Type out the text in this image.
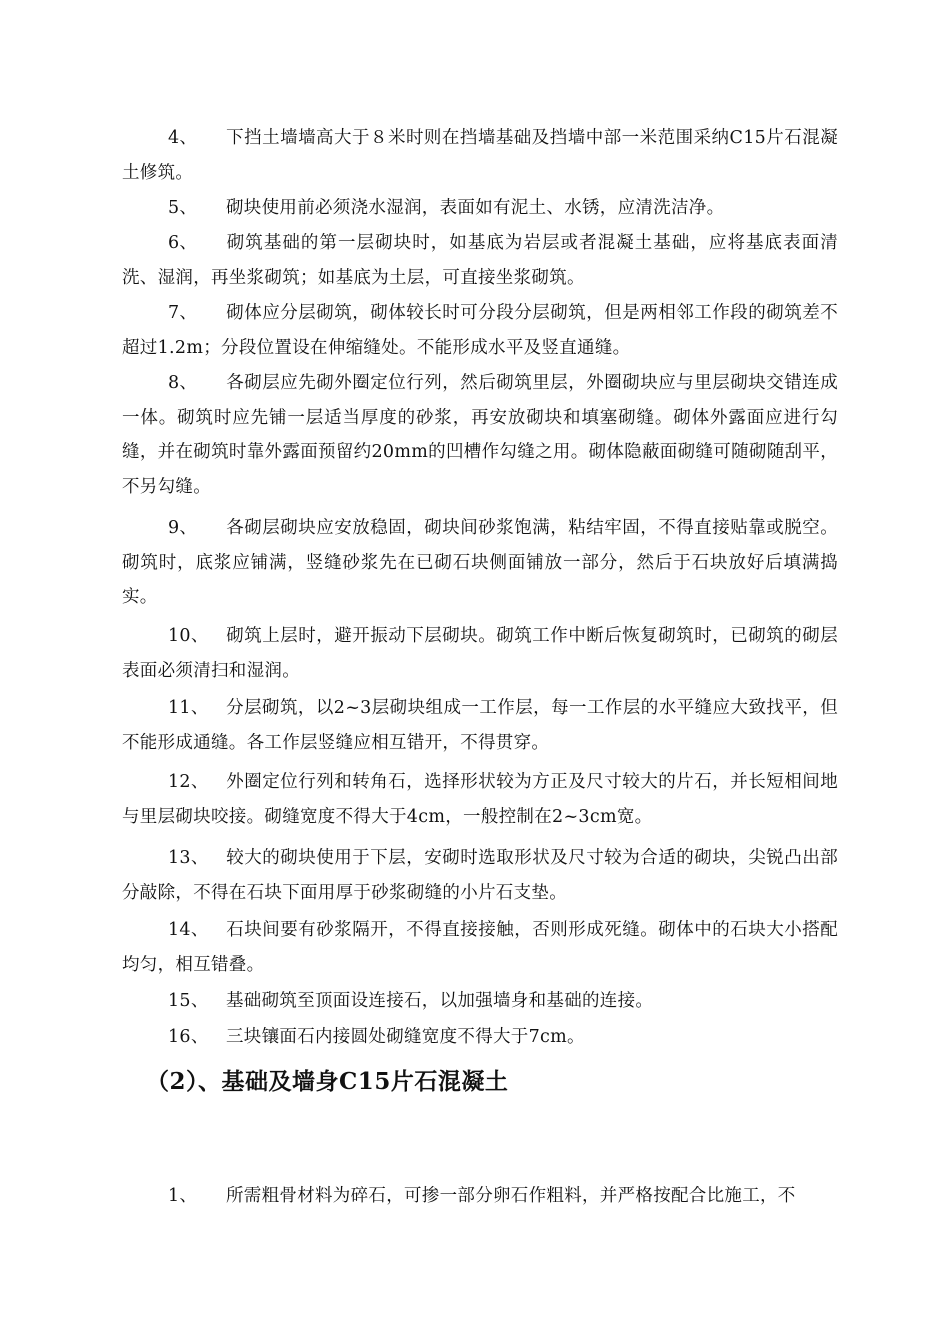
4、 下挡土墙墙高大于８米时则在挡墙基础及挡墙中部一米范围采纳C15片石混凝土修筑。

5、 砌块使用前必须浇水湿润，表面如有泥土、水锈，应清洗洁净。

6、 砌筑基础的第一层砌块时，如基底为岩层或者混凝土基础，应将基底表面清洗、湿润，再坐浆砌筑；如基底为土层，可直接坐浆砌筑。

7、 砌体应分层砌筑，砌体较长时可分段分层砌筑，但是两相邻工作段的砌筑差不超过1.2m；分段位置设在伸缩缝处。不能形成水平及竖直通缝。

8、 各砌层应先砌外圈定位行列，然后砌筑里层，外圈砌块应与里层砌块交错连成一体。砌筑时应先铺一层适当厚度的砂浆，再安放砌块和填塞砌缝。砌体外露面应进行勾缝，并在砌筑时靠外露面预留约20mm的凹槽作勾缝之用。砌体隐蔽面砌缝可随砌随刮平，不另勾缝。

9、 各砌层砌块应安放稳固，砌块间砂浆饱满，粘结牢固，不得直接贴靠或脱空。砌筑时，底浆应铺满，竖缝砂浆先在已砌石块侧面铺放一部分，然后于石块放好后填满捣实。

10、 砌筑上层时，避开振动下层砌块。砌筑工作中断后恢复砌筑时，已砌筑的砌层表面必须清扫和湿润。

11、 分层砌筑，以2~3层砌块组成一工作层，每一工作层的水平缝应大致找平，但不能形成通缝。各工作层竖缝应相互错开，不得贯穿。

12、 外圈定位行列和转角石，选择形状较为方正及尺寸较大的片石，并长短相间地与里层砌块咬接。砌缝宽度不得大于4cm，一般控制在2~3cm宽。

13、 较大的砌块使用于下层，安砌时选取形状及尺寸较为合适的砌块，尖锐凸出部分敲除，不得在石块下面用厚于砂浆砌缝的小片石支垫。

14、 石块间要有砂浆隔开，不得直接接触，否则形成死缝。砌体中的石块大小搭配均匀，相互错叠。

15、 基础砌筑至顶面设连接石，以加强墙身和基础的连接。

16、 三块镶面石内接圆处砌缝宽度不得大于7cm。

（2）、基础及墙身C15片石混凝土

1、 所需粗骨材料为碎石，可掺一部分卵石作粗料，并严格按配合比施工，不
